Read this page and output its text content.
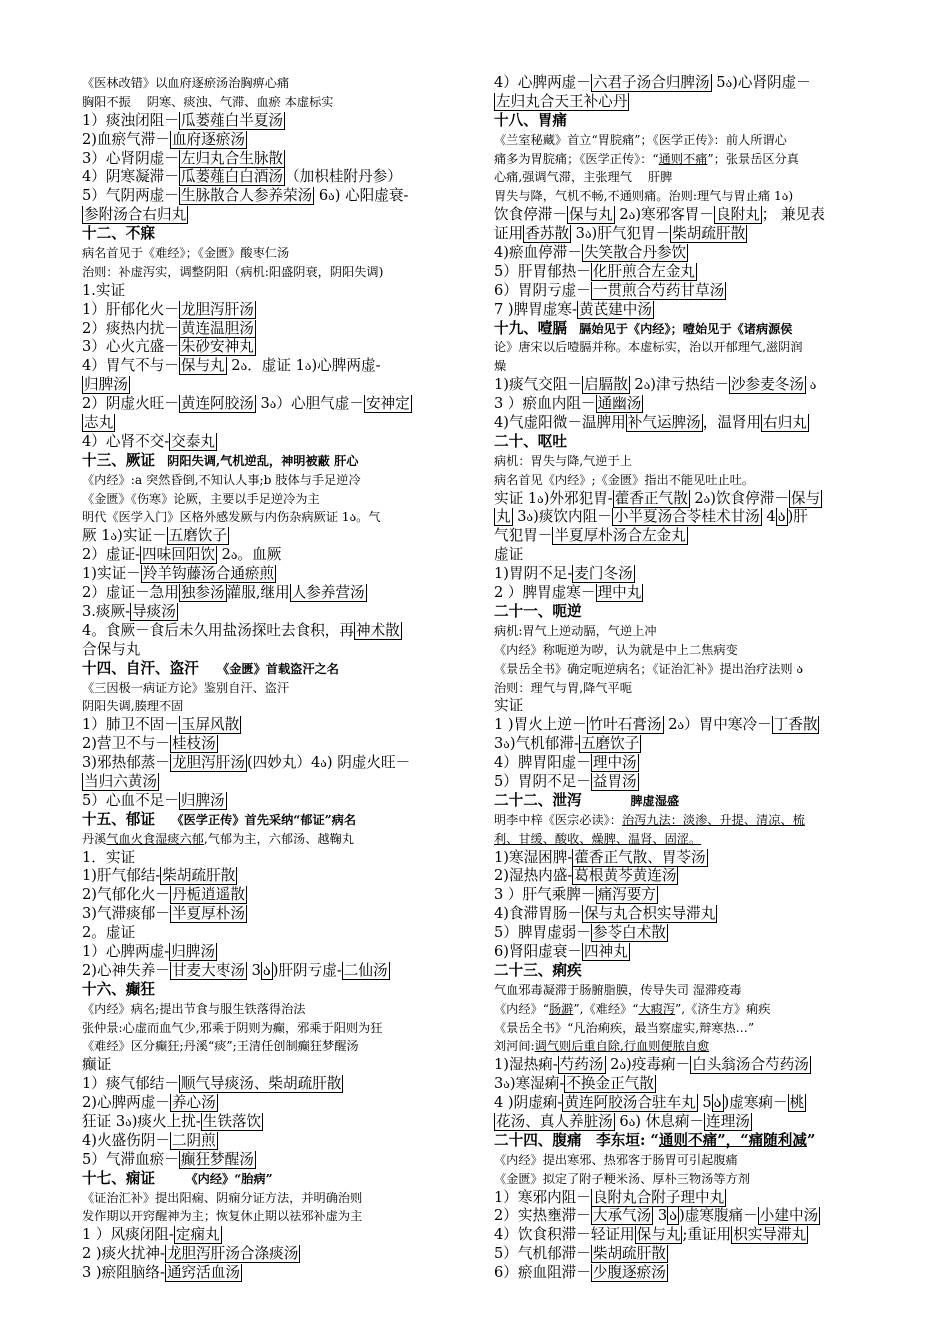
《医林改错》以血府逐瘀汤治胸痹心痛
胸阳不振　 阴寒、痰浊、气滞、血瘀 本虚标实
1）痰浊闭阻－ 瓜蒌薤白半夏汤
2)血瘀气滞－ 血府逐瘀汤
3）心肾阴虚－ 左归丸合生脉散
4）阴寒凝滞－ 瓜蒌薤白白酒汤 （加枳桂附丹参）
5）气阴两虚－ 生脉散合人参养荣汤 6ა) 心阳虚衰-
参附汤合右归丸
十二、不寐
病名首见于《难经》；《金匮》酸枣仁汤
治则：补虚泻实，调整阴阳（病机:阳盛阴衰，阴阳失调)
1.实证
1）肝郁化火－ 龙胆泻肝汤
2）痰热内扰－ 黄连温胆汤
3）心火亢盛－ 朱砂安神丸
4）胃气不与－ 保与丸 2ა．虚证 1ა)心脾两虚-
归脾汤
2）阴虚火旺－ 黄连阿胶汤 3ა）心胆气虚－ 安神定
志丸
4）心肾不交- 交泰丸
十三、厥证　阴阳失调,气机逆乱，神明被蔽 肝心
《内经》:a 突然昏倒,不知认人事;b 肢体与手足逆冷
《金匮》《伤寒》论厥，主要以手足逆冷为主
明代《医学入门》区格外感发厥与内伤杂病厥证 1ა。气
厥 1ა)实证－ 五磨饮子
2）虚证- 四味回阳饮 2ა。血厥
1)实证－ 羚羊钩藤汤合通瘀煎
2）虚证－急用 独参汤 灌服,继用 人参养营汤
3.痰厥- 导痰汤
4。食厥－食后未久用盐汤探吐去食积，再 神术散
合保与丸
十四、自汗、盗汗　　《金匮》首载盗汗之名
《三因极一病证方论》鉴别自汗、盗汗
阴阳失调,腠理不固
1）肺卫不固－ 玉屏风散
2)营卫不与－ 桂枝汤
3)邪热郁蒸－ 龙胆泻肝汤 (四妙丸）4ა) 阴虚火旺－
当归六黄汤
5）心血不足－ 归脾汤
十五、郁证　 《医学正传》首先采纳“郁证”病名
丹溪气血火食湿痰六郁,气郁为主，六郁汤、越鞠丸
1．实证
1)肝气郁结- 柴胡疏肝散
2)气郁化火－ 丹栀逍遥散
3)气滞痰郁－ 半夏厚朴汤
2。虚证
1）心脾两虚- 归脾汤
2)心神失养－ 甘麦大枣汤 3 ა )肝阴亏虚- 二仙汤
十六、癫狂
《内经》病名;提出节食与服生铁落得治法
张仲景:心虚而血气少,邪乘于阴则为癫，邪乘于阳则为狂
《难经》区分癫狂;丹溪“痰”;王清任创制癫狂梦醒汤
癫证
1）痰气郁结－ 顺气导痰汤、柴胡疏肝散
2)心脾两虚－ 养心汤
狂证 3ა)痰火上扰- 生铁落饮
4)火盛伤阴－ 二阴煎
5）气滞血瘀－ 癫狂梦醒汤
十七、痫证　　　《内经》“胎病”
《证治汇补》提出阳痫、阴痫分证方法，并明确治则
发作期以开窍醒神为主；恢复休止期以祛邪补虚为主
1 ）风痰闭阻- 定痫丸
2 )痰火扰神- 龙胆泻肝汤合涤痰汤
3 )瘀阻脑络- 通窍活血汤
4）心脾两虚－ 六君子汤合归脾汤 5ა)心肾阴虚－
左归丸合天王补心丹
十八、胃痛
《兰室秘藏》首立“胃脘痛”；《医学正传》：前人所谓心
痛多为胃脘痛；《医学正传》：“通则不痛”；张景岳区分真
心痛,强调气滞，主张理气　 肝脾
胃失与降，气机不畅,不通则痛。治则:理气与胃止痛 1ა)
饮食停滞－ 保与丸 2ა)寒邪客胃－ 良附丸 ； 兼见表
证用 香苏散 3ა)肝气犯胃－ 柴胡疏肝散
4)瘀血停滞－ 失笑散合丹参饮
5）肝胃郁热－ 化肝煎合左金丸
6）胃阴亏虚－ 一贯煎合芍药甘草汤
7 )脾胃虚寒- 黄芪建中汤
十九、噎膈　膈始见于《内经》；噎始见于《诸病源侯
论》唐宋以后噎膈并称。本虚标实，治以开郁理气,滋阴润
燥
1)痰气交阻－ 启膈散 2ა)津亏热结－ 沙参麦冬汤 ა
3 ）瘀血内阻－ 通幽汤
4)气虚阳微－温脾用 补气运脾汤 ，温肾用 右归丸
二十、呕吐
病机：胃失与降,气逆于上
病名首见《内经》;《金匮》指出不能见吐止吐。
实证 1ა)外邪犯胃- 藿香正气散 2ა)饮食停滞－ 保与
丸 3ა)痰饮内阻－ 小半夏汤合苓桂术甘汤 4 ა )肝
气犯胃－ 半夏厚朴汤合左金丸
虚证
1)胃阴不足- 麦门冬汤
2 ）脾胃虚寒－ 理中丸
二十一、呃逆
病机:胃气上逆动膈，气逆上冲
《内经》称呃逆为哕，认为就是中上二焦病变
《景岳全书》确定呃逆病名；《证治汇补》提出治疗法则 ა
治则：理气与胃,降气平呃
实证
1 )胃火上逆－ 竹叶石膏汤 2ა）胃中寒冷－ 丁香散
3ა)气机郁滞- 五磨饮子
4）脾胃阳虚－ 理中汤
5）胃阴不足－ 益胃汤
二十二、泄泻　　　　脾虚湿盛
明李中梓《医宗必读》：治泻九法：淡渗、升提、清凉、梳
利、甘缓、酸收、燥脾、温肾、固涩。
1)寒湿困脾- 藿香正气散、胃苓汤
2)湿热内盛- 葛根黄芩黄连汤
3 ）肝气乘脾－ 痛泻要方
4)食滞胃肠－ 保与丸合枳实导滞丸
5）脾胃虚弱－ 参苓白术散
6)肾阳虚衰－ 四神丸
二十三、痢疾
气血邪毒凝滞于肠腑脂膜，传导失司 湿滞疫毒
《内经》“肠澼”,《难经》“大瘕泻”,《济生方》痢疾
《景岳全书》“凡治痢疾，最当察虚实,辩寒热…”
刘河间:调气则后重自除,行血则便脓自愈
1)湿热痢- 芍药汤 2ა)疫毒痢－ 白头翁汤合芍药汤
3ა)寒湿痢- 不换金正气散
4 )阴虚痢- 黄连阿胶汤合驻车丸 5 ა )虚寒痢－ 桃
花汤、真人养脏汤 6ა) 休息痢－ 连理汤
二十四、腹痛　李东垣: “通则不痛”，“痛随利减”
《内经》提出寒邪、热邪客于肠胃可引起腹痛
《金匮》拟定了附子粳米汤、厚朴三物汤等方剂
1）寒邪内阻－ 良附丸合附子理中丸
2）实热壅滞－ 大承气汤 3 ა )虚寒腹痛－ 小建中汤
4）饮食积滞－轻证用 保与丸 ;重证用 枳实导滞丸
5）气机郁滞－ 柴胡疏肝散
6）瘀血阻滞－ 少腹逐瘀汤
